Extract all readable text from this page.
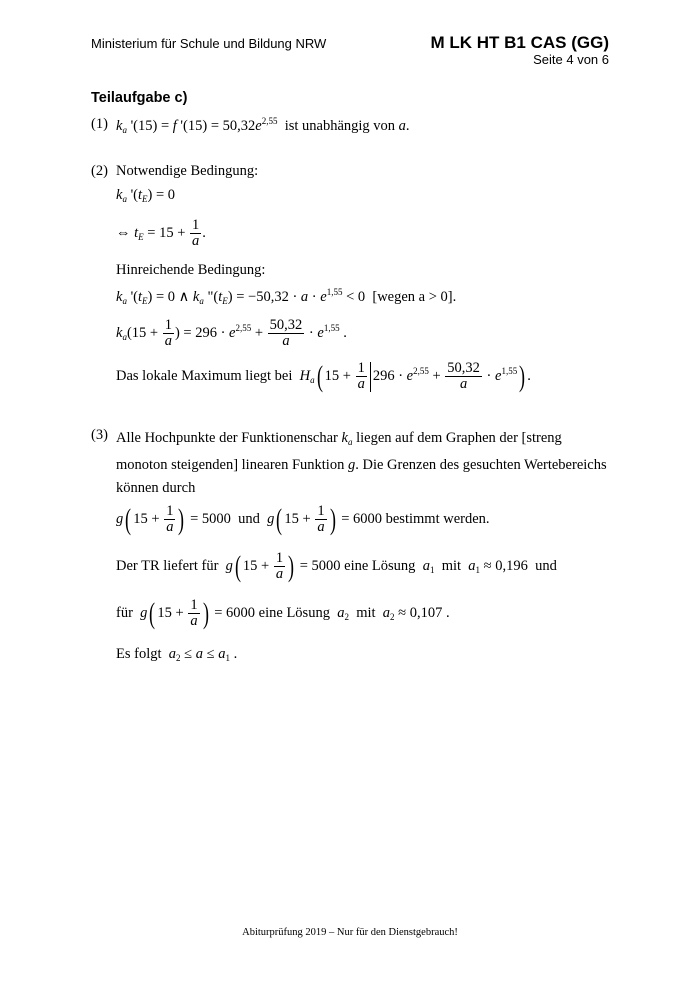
Ministerium für Schule und Bildung NRW	M LK HT B1 CAS (GG)
Seite 4 von 6
Teilaufgabe c)
(1) $k_a$ '(15) = f '$(15) = 50,32e^{2,55}$ ist unabhängig von a.
(2) Notwendige Bedingung:
$k_a$ '$(t_E) = 0$
⇔ $t_E = 15 + \frac{1}{a}$ .
Hinreichende Bedingung:
$k_a$ '$(t_E) = 0$ ∧ $k_a$ "$(t_E) = -50,32 \cdot a \cdot e^{1,55} < 0$  [wegen a > 0].
$k_a(15 + \frac{1}{a}$ ) = $296 \cdot e^{2,55} + \frac{50,32}{a} \cdot e^{1,55}$ .
Das lokale Maximum liegt bei $H_a$( $15 + \frac{1}{a} 296 \cdot e^{2,55} + \frac{50,32}{a} \cdot e^{1,55}$) .
(3) Alle Hochpunkte der Funktionenschar $k_a$ liegen auf dem Graphen der [streng monoton steigenden] linearen Funktion g. Die Grenzen des gesuchten Wertebereichs können durch
g( $15 + \frac{1}{a}$ ) = 5000  und g( $15 + \frac{1}{a}$ ) = 6000 bestimmt werden.
Der TR liefert für g( $15 + \frac{1}{a}$ ) = 5000 eine Lösung $a_1$ mit $a_1 \approx 0,196$ und
für g( $15 + \frac{1}{a}$ ) = 6000 eine Lösung $a_2$ mit $a_2 \approx 0,107$ .
Es folgt $a_2 \le a \le a_1$ .
Abiturprüfung 2019 – Nur für den Dienstgebrauch!
